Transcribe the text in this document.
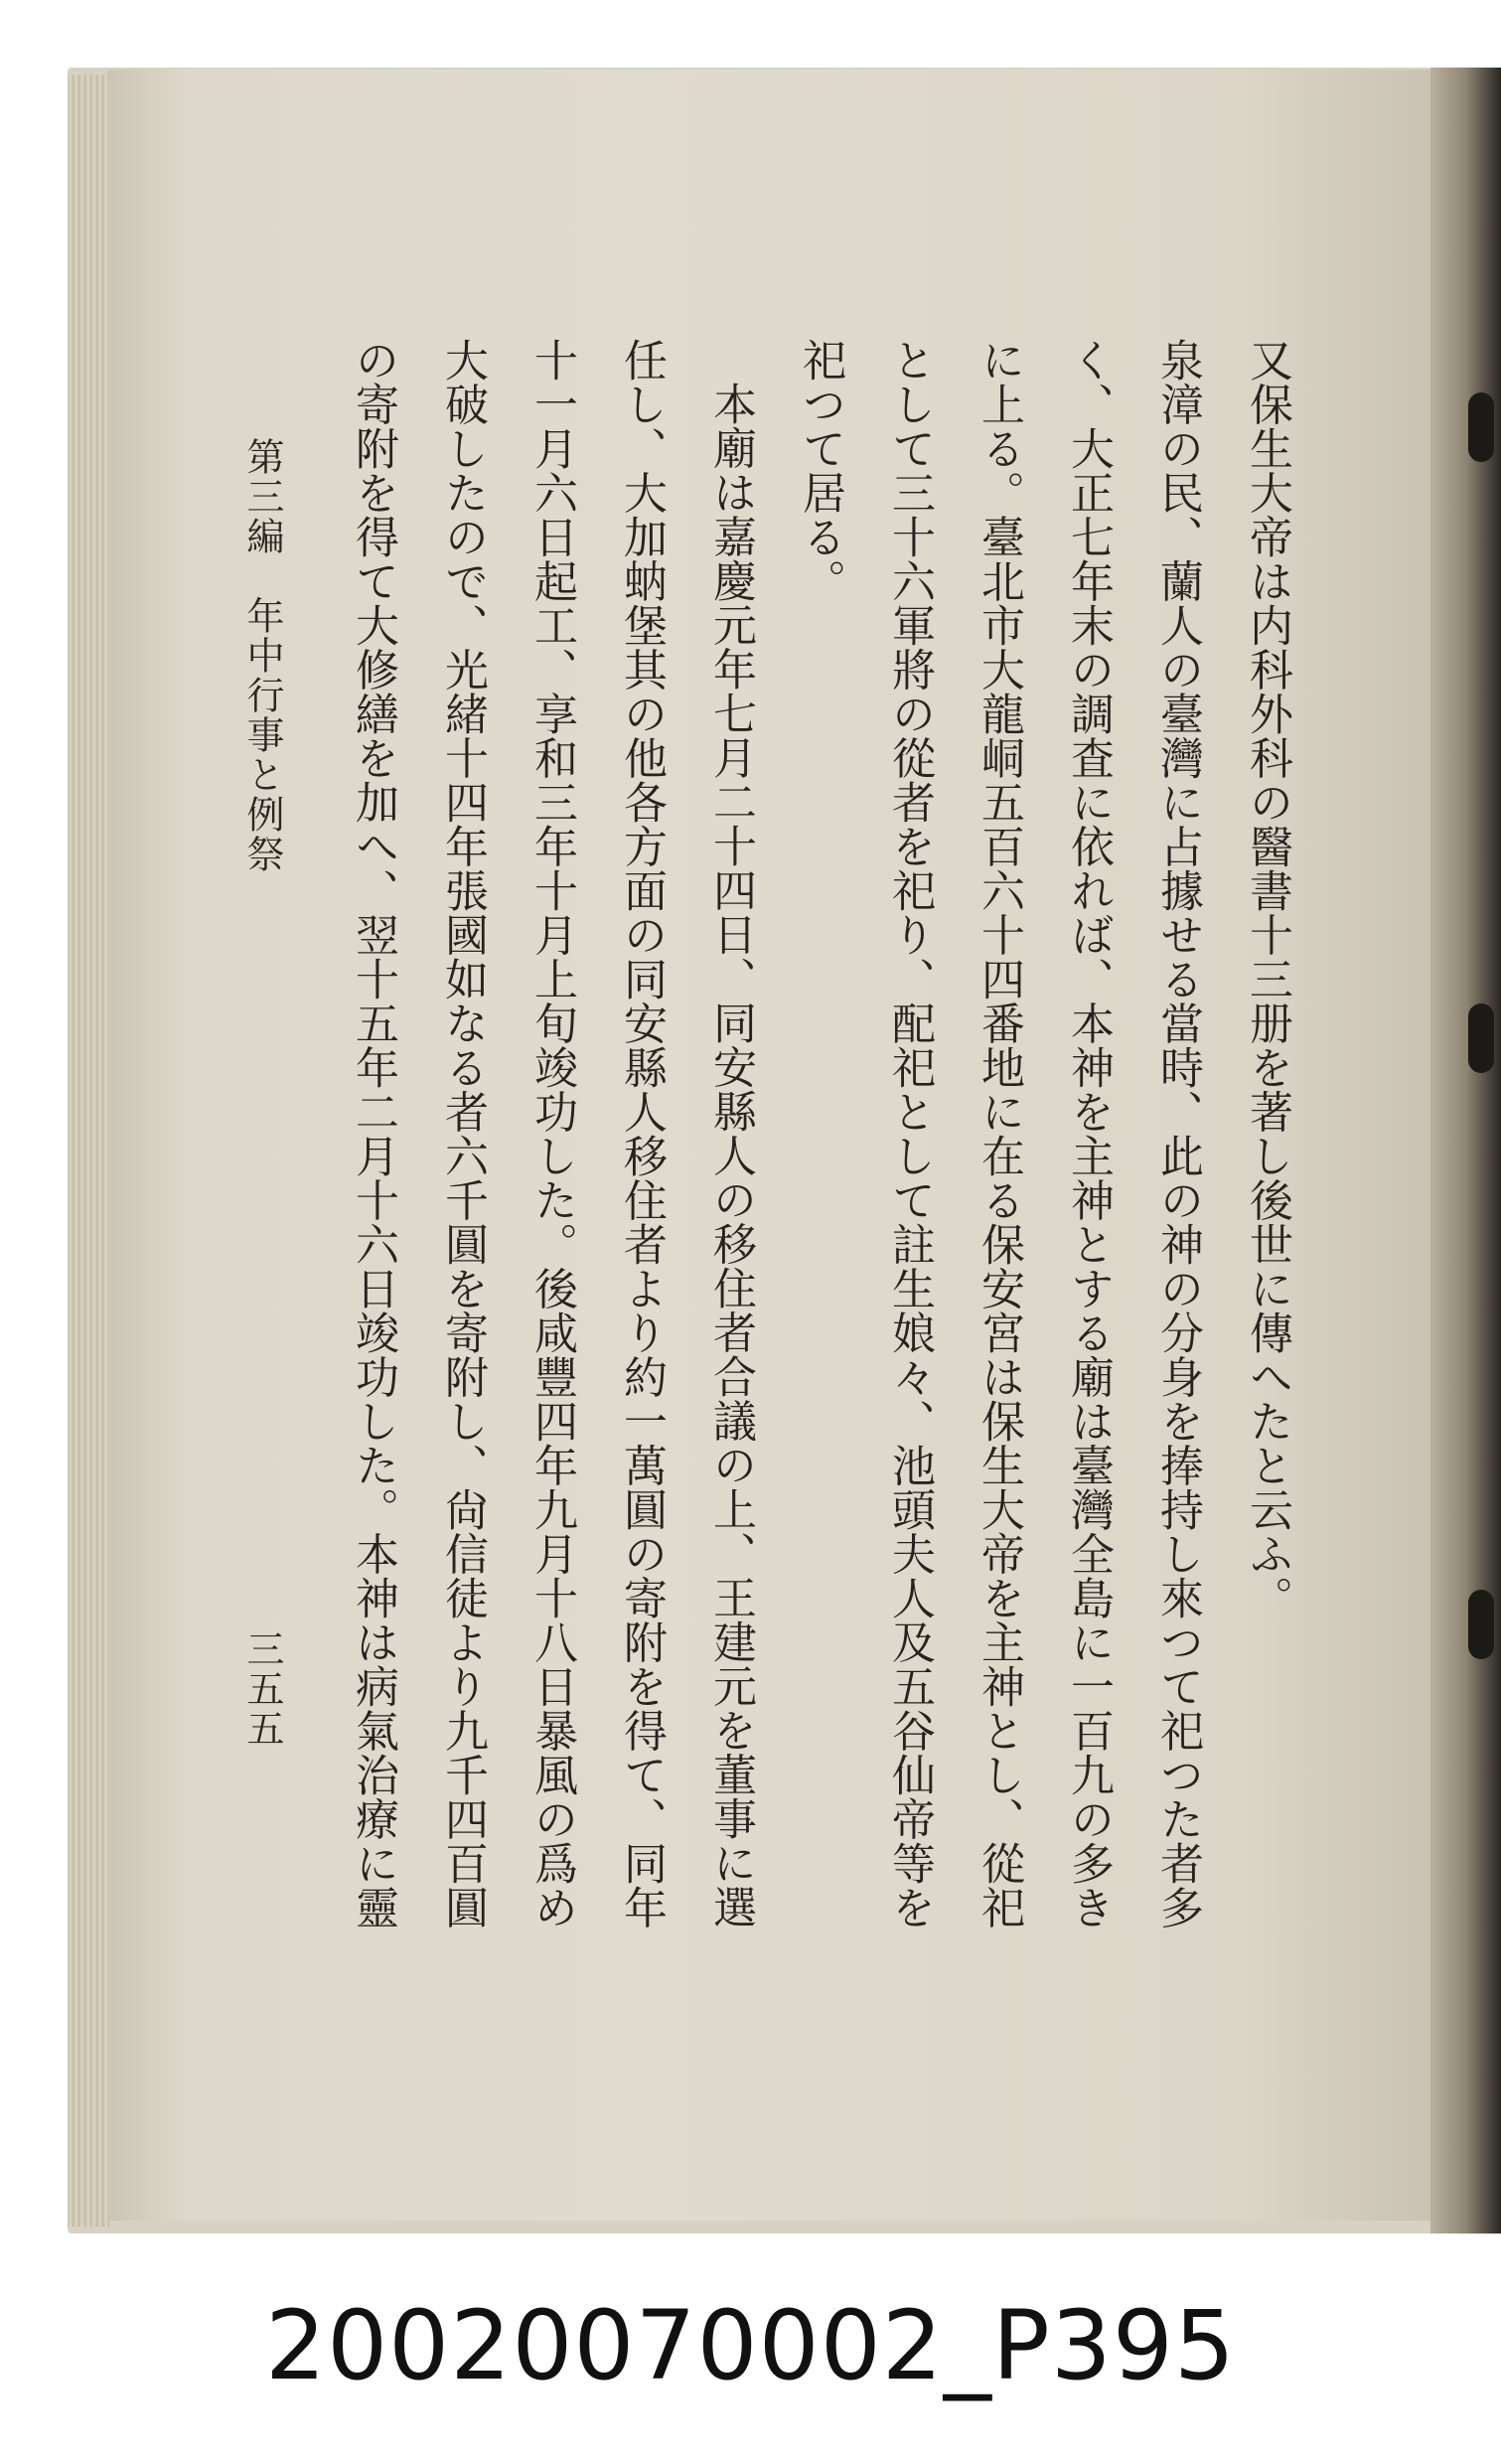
又保生大帝は内科外科の醫書十三册を著し後世に傳へたと云ふ。

泉漳の民、蘭人の臺灣に占據せる當時、此の神の分身を捧持し來つて祀つた者多く、大正七年末の調査に依れば、本神を主神とする廟は臺灣全島に一百九の多きに上る。臺北市大龍峒五百六十四番地に在る保安宮は保生大帝を主神とし、從祀として三十六軍將の從者を祀り、配祀として註生娘々、池頭夫人及五谷仙帝等を祀つて居る。

本廟は嘉慶元年七月二十四日、同安縣人の移住者合議の上、王建元を董事に選任し、大加蚋堡其の他各方面の同安縣人移住者より約一萬圓の寄附を得て、同年十一月六日起工、享和三年十月上旬竣功した。後咸豐四年九月十八日暴風の爲め大破したので、光緒十四年張國如なる者六千圓を寄附し、尙信徒より九千四百圓の寄附を得て大修繕を加へ、翌十五年二月十六日竣功した。本神は病氣治療に靈

第三編　年中行事と例祭
三五五
20020070002_P395
